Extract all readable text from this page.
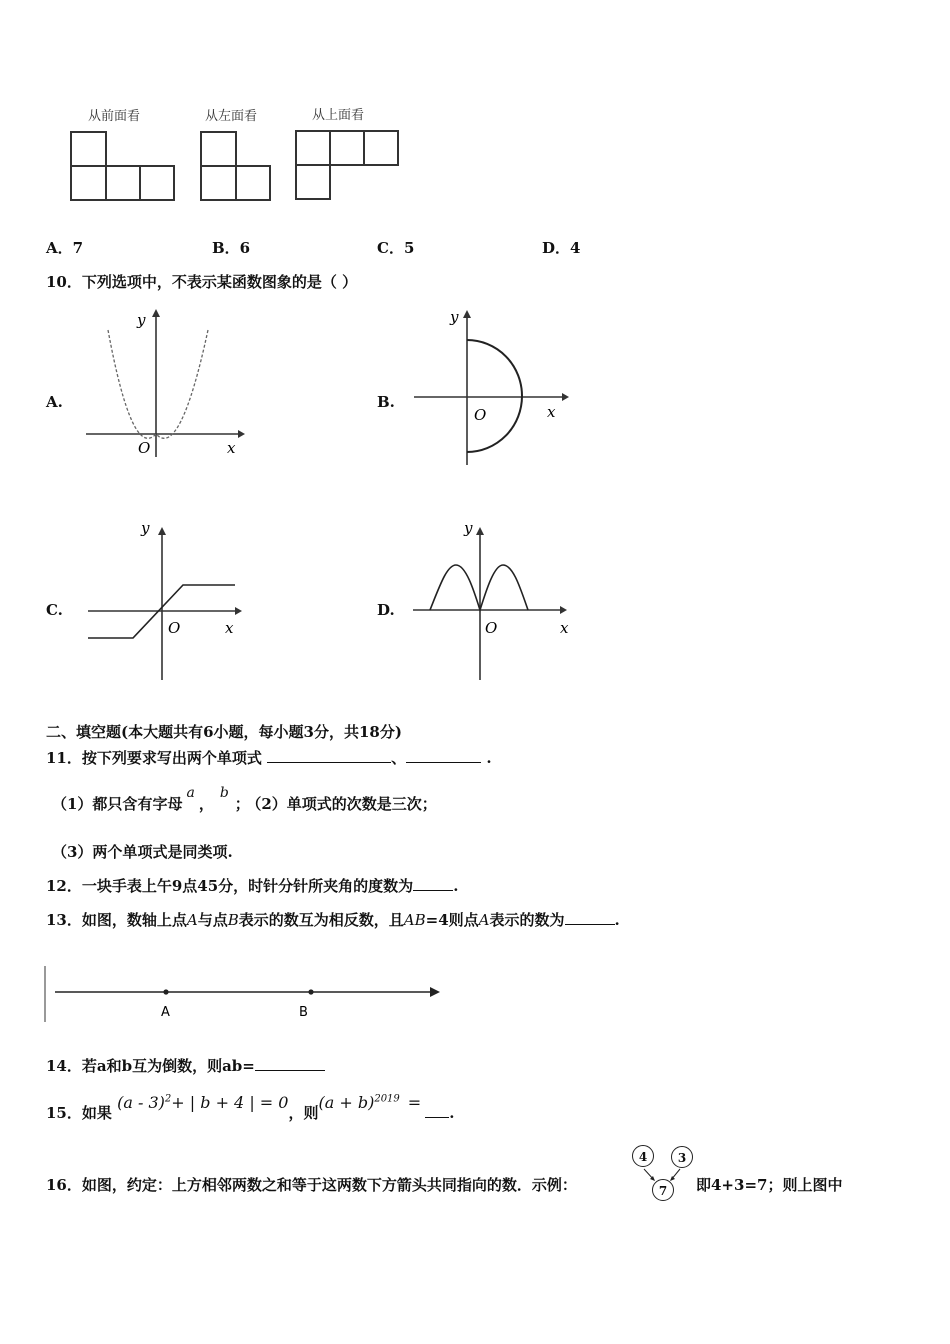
从前面看	从左面看	从上面看
A．7	B．6	C．5	D．4
10．下列选项中，不表示某函数图象的是（ ）
A.	B.
C.	D.
y
O	x
y
O	x
y
O	x
y
O	x
二、填空题(本大题共有6小题，每小题3分，共18分)
11．按下列要求写出两个单项式	、	.
（1）都只含有字母a，b； （2）单项式的次数是三次；
（3）两个单项式是同类项.
12．一块手表上午9点45分，时针分针所夹角的度数为	.
13．如图，数轴上点A与点B表示的数互为相反数，且AB=4则点A表示的数为	.
A	B
14．若a和b互为倒数，则ab=
15．如果 (a - 3)$^2$+ | b + 4 | = 0，则$(a + b)^{2019}$ =.
16．如图，约定：上方相邻两数之和等于这两数下方箭头共同指向的数．示例：
4	3
7	即4+3=7；则上图中
